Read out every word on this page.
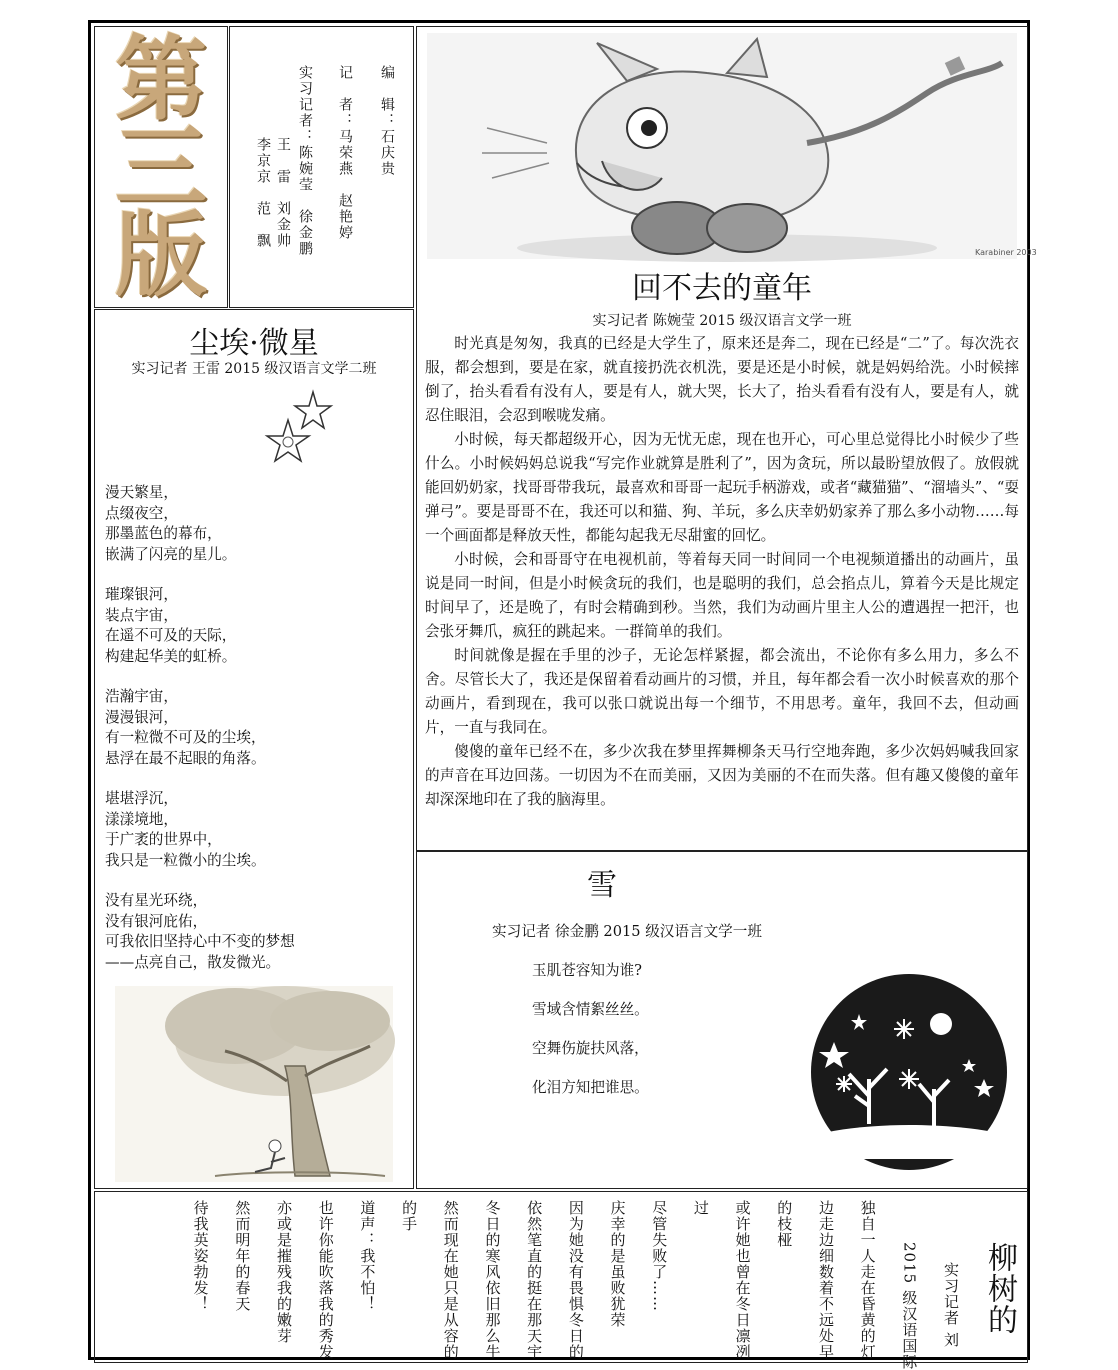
第
三
版
编　辑：石庆贵
记　者：马荣燕　赵艳婷
实习记者：陈婉莹　徐金鹏
王　雷　刘金帅
李京京　范　飘
Karabiner 2003
回不去的童年
实习记者 陈婉莹 2015 级汉语言文学一班

时光真是匆匆，我真的已经是大学生了，原来还是奔二，现在已经是“二”了。每次洗衣服，都会想到，要是在家，就直接扔洗衣机洗，要是还是小时候，就是妈妈给洗。小时候摔倒了，抬头看看有没有人，要是有人，就大哭，长大了，抬头看看有没有人，要是有人，就忍住眼泪，会忍到喉咙发痛。

小时候，每天都超级开心，因为无忧无虑，现在也开心，可心里总觉得比小时候少了些什么。小时候妈妈总说我“写完作业就算是胜利了”，因为贪玩，所以最盼望放假了。放假就能回奶奶家，找哥哥带我玩，最喜欢和哥哥一起玩手柄游戏，或者“藏猫猫”、“溜墙头”、“耍弹弓”。要是哥哥不在，我还可以和猫、狗、羊玩，多么庆幸奶奶家养了那么多小动物……每一个画面都是释放天性，都能勾起我无尽甜蜜的回忆。

小时候，会和哥哥守在电视机前，等着每天同一时间同一个电视频道播出的动画片，虽说是同一时间，但是小时候贪玩的我们，也是聪明的我们，总会掐点儿，算着今天是比规定时间早了，还是晚了，有时会精确到秒。当然，我们为动画片里主人公的遭遇捏一把汗，也会张牙舞爪，疯狂的跳起来。一群简单的我们。

时间就像是握在手里的沙子，无论怎样紧握，都会流出，不论你有多么用力，多么不舍。尽管长大了，我还是保留着看动画片的习惯，并且，每年都会看一次小时候喜欢的那个动画片，看到现在，我可以张口就说出每一个细节，不用思考。童年，我回不去，但动画片，一直与我同在。

傻傻的童年已经不在，多少次我在梦里挥舞柳条天马行空地奔跑，多少次妈妈喊我回家的声音在耳边回荡。一切因为不在而美丽，又因为美丽的不在而失落。但有趣又傻傻的童年却深深地印在了我的脑海里。

尘埃·微星
实习记者 王雷 2015 级汉语言文学二班

漫天繁星，

点缀夜空，

那墨蓝色的幕布，

嵌满了闪亮的星儿。

璀璨银河，

装点宇宙，

在遥不可及的天际，

构建起华美的虹桥。

浩瀚宇宙，

漫漫银河，

有一粒微不可及的尘埃，

悬浮在最不起眼的角落。

堪堪浮沉，

漾漾境地，

于广袤的世界中，

我只是一粒微小的尘埃。

没有星光环绕，

没有银河庇佑，

可我依旧坚持心中不变的梦想

——点亮自己，散发微光。

雪
实习记者 徐金鹏 2015 级汉语言文学一班

玉肌苍容知为谁?

雪域含情絮丝丝。

空舞伤旋扶风落，

化泪方知把谁思。

柳树的
实习记者 刘
2015 级汉语国际
独自一人走在昏黄的灯
边走边细数着不远处早
的枝桠
或许她也曾在冬日凛冽
过
尽管失败了……
庆幸的是虽败犹荣
因为她没有畏惧冬日的
依然笔直的挺在那天宇
冬日的寒风依旧那么牛
然而现在她只是从容的
的手
道声：我不怕！
也许你能吹落我的秀发
亦或是摧残我的嫩芽
然而明年的春天
待我英姿勃发！
